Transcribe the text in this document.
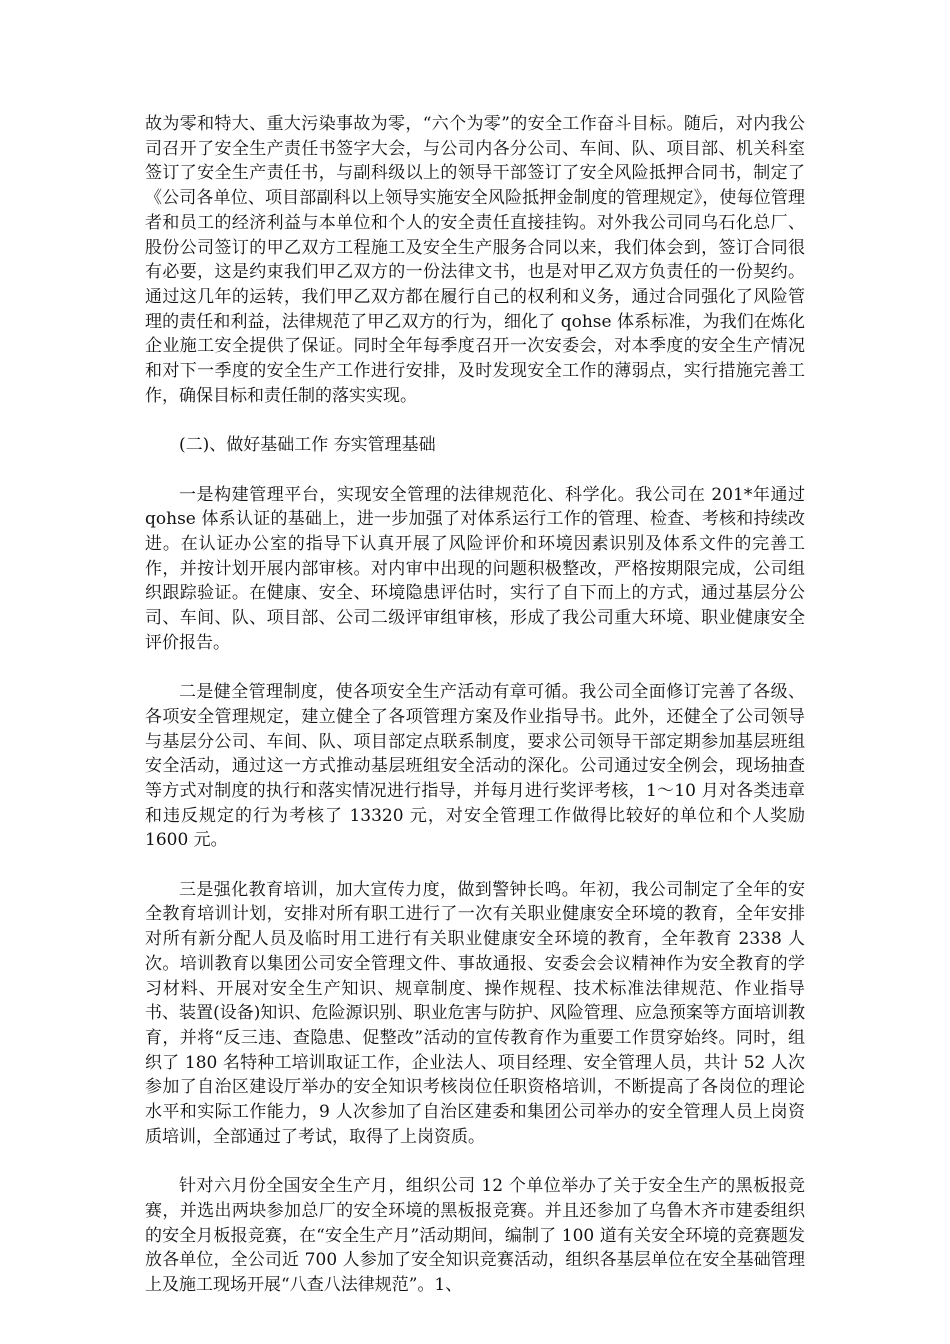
故为零和特大、重大污染事故为零，“六个为零”的安全工作奋斗目标。随后，对内我公司召开了安全生产责任书签字大会，与公司内各分公司、车间、队、项目部、机关科室签订了安全生产责任书，与副科级以上的领导干部签订了安全风险抵押合同书，制定了《公司各单位、项目部副科以上领导实施安全风险抵押金制度的管理规定》，使每位管理者和员工的经济利益与本单位和个人的安全责任直接挂钩。对外我公司同乌石化总厂、股份公司签订的甲乙双方工程施工及安全生产服务合同以来，我们体会到，签订合同很有必要，这是约束我们甲乙双方的一份法律文书，也是对甲乙双方负责任的一份契约。通过这几年的运转，我们甲乙双方都在履行自己的权利和义务，通过合同强化了风险管理的责任和利益，法律规范了甲乙双方的行为，细化了 qohse 体系标准，为我们在炼化企业施工安全提供了保证。同时全年每季度召开一次安委会，对本季度的安全生产情况和对下一季度的安全生产工作进行安排，及时发现安全工作的薄弱点，实行措施完善工作，确保目标和责任制的落实实现。

(二)、做好基础工作 夯实管理基础

一是构建管理平台，实现安全管理的法律规范化、科学化。我公司在 201*年通过 qohse 体系认证的基础上，进一步加强了对体系运行工作的管理、检查、考核和持续改进。在认证办公室的指导下认真开展了风险评价和环境因素识别及体系文件的完善工作，并按计划开展内部审核。对内审中出现的问题积极整改，严格按期限完成，公司组织跟踪验证。在健康、安全、环境隐患评估时，实行了自下而上的方式，通过基层分公司、车间、队、项目部、公司二级评审组审核，形成了我公司重大环境、职业健康安全评价报告。

二是健全管理制度，使各项安全生产活动有章可循。我公司全面修订完善了各级、各项安全管理规定，建立健全了各项管理方案及作业指导书。此外，还健全了公司领导与基层分公司、车间、队、项目部定点联系制度，要求公司领导干部定期参加基层班组安全活动，通过这一方式推动基层班组安全活动的深化。公司通过安全例会，现场抽查等方式对制度的执行和落实情况进行指导，并每月进行奖评考核，1～10 月对各类违章和违反规定的行为考核了 13320 元，对安全管理工作做得比较好的单位和个人奖励 1600 元。

三是强化教育培训，加大宣传力度，做到警钟长鸣。年初，我公司制定了全年的安全教育培训计划，安排对所有职工进行了一次有关职业健康安全环境的教育，全年安排对所有新分配人员及临时用工进行有关职业健康安全环境的教育，全年教育 2338 人次。培训教育以集团公司安全管理文件、事故通报、安委会会议精神作为安全教育的学习材料、开展对安全生产知识、规章制度、操作规程、技术标准法律规范、作业指导书、装置(设备)知识、危险源识别、职业危害与防护、风险管理、应急预案等方面培训教育，并将“反三违、查隐患、促整改”活动的宣传教育作为重要工作贯穿始终。同时，组织了 180 名特种工培训取证工作，企业法人、项目经理、安全管理人员，共计 52 人次参加了自治区建设厅举办的安全知识考核岗位任职资格培训，不断提高了各岗位的理论水平和实际工作能力，9 人次参加了自治区建委和集团公司举办的安全管理人员上岗资质培训，全部通过了考试，取得了上岗资质。

针对六月份全国安全生产月，组织公司 12 个单位举办了关于安全生产的黑板报竞赛，并选出两块参加总厂的安全环境的黑板报竞赛。并且还参加了乌鲁木齐市建委组织的安全月板报竞赛，在“安全生产月”活动期间，编制了 100 道有关安全环境的竞赛题发放各单位，全公司近 700 人参加了安全知识竞赛活动，组织各基层单位在安全基础管理上及施工现场开展“八查八法律规范”。1、
